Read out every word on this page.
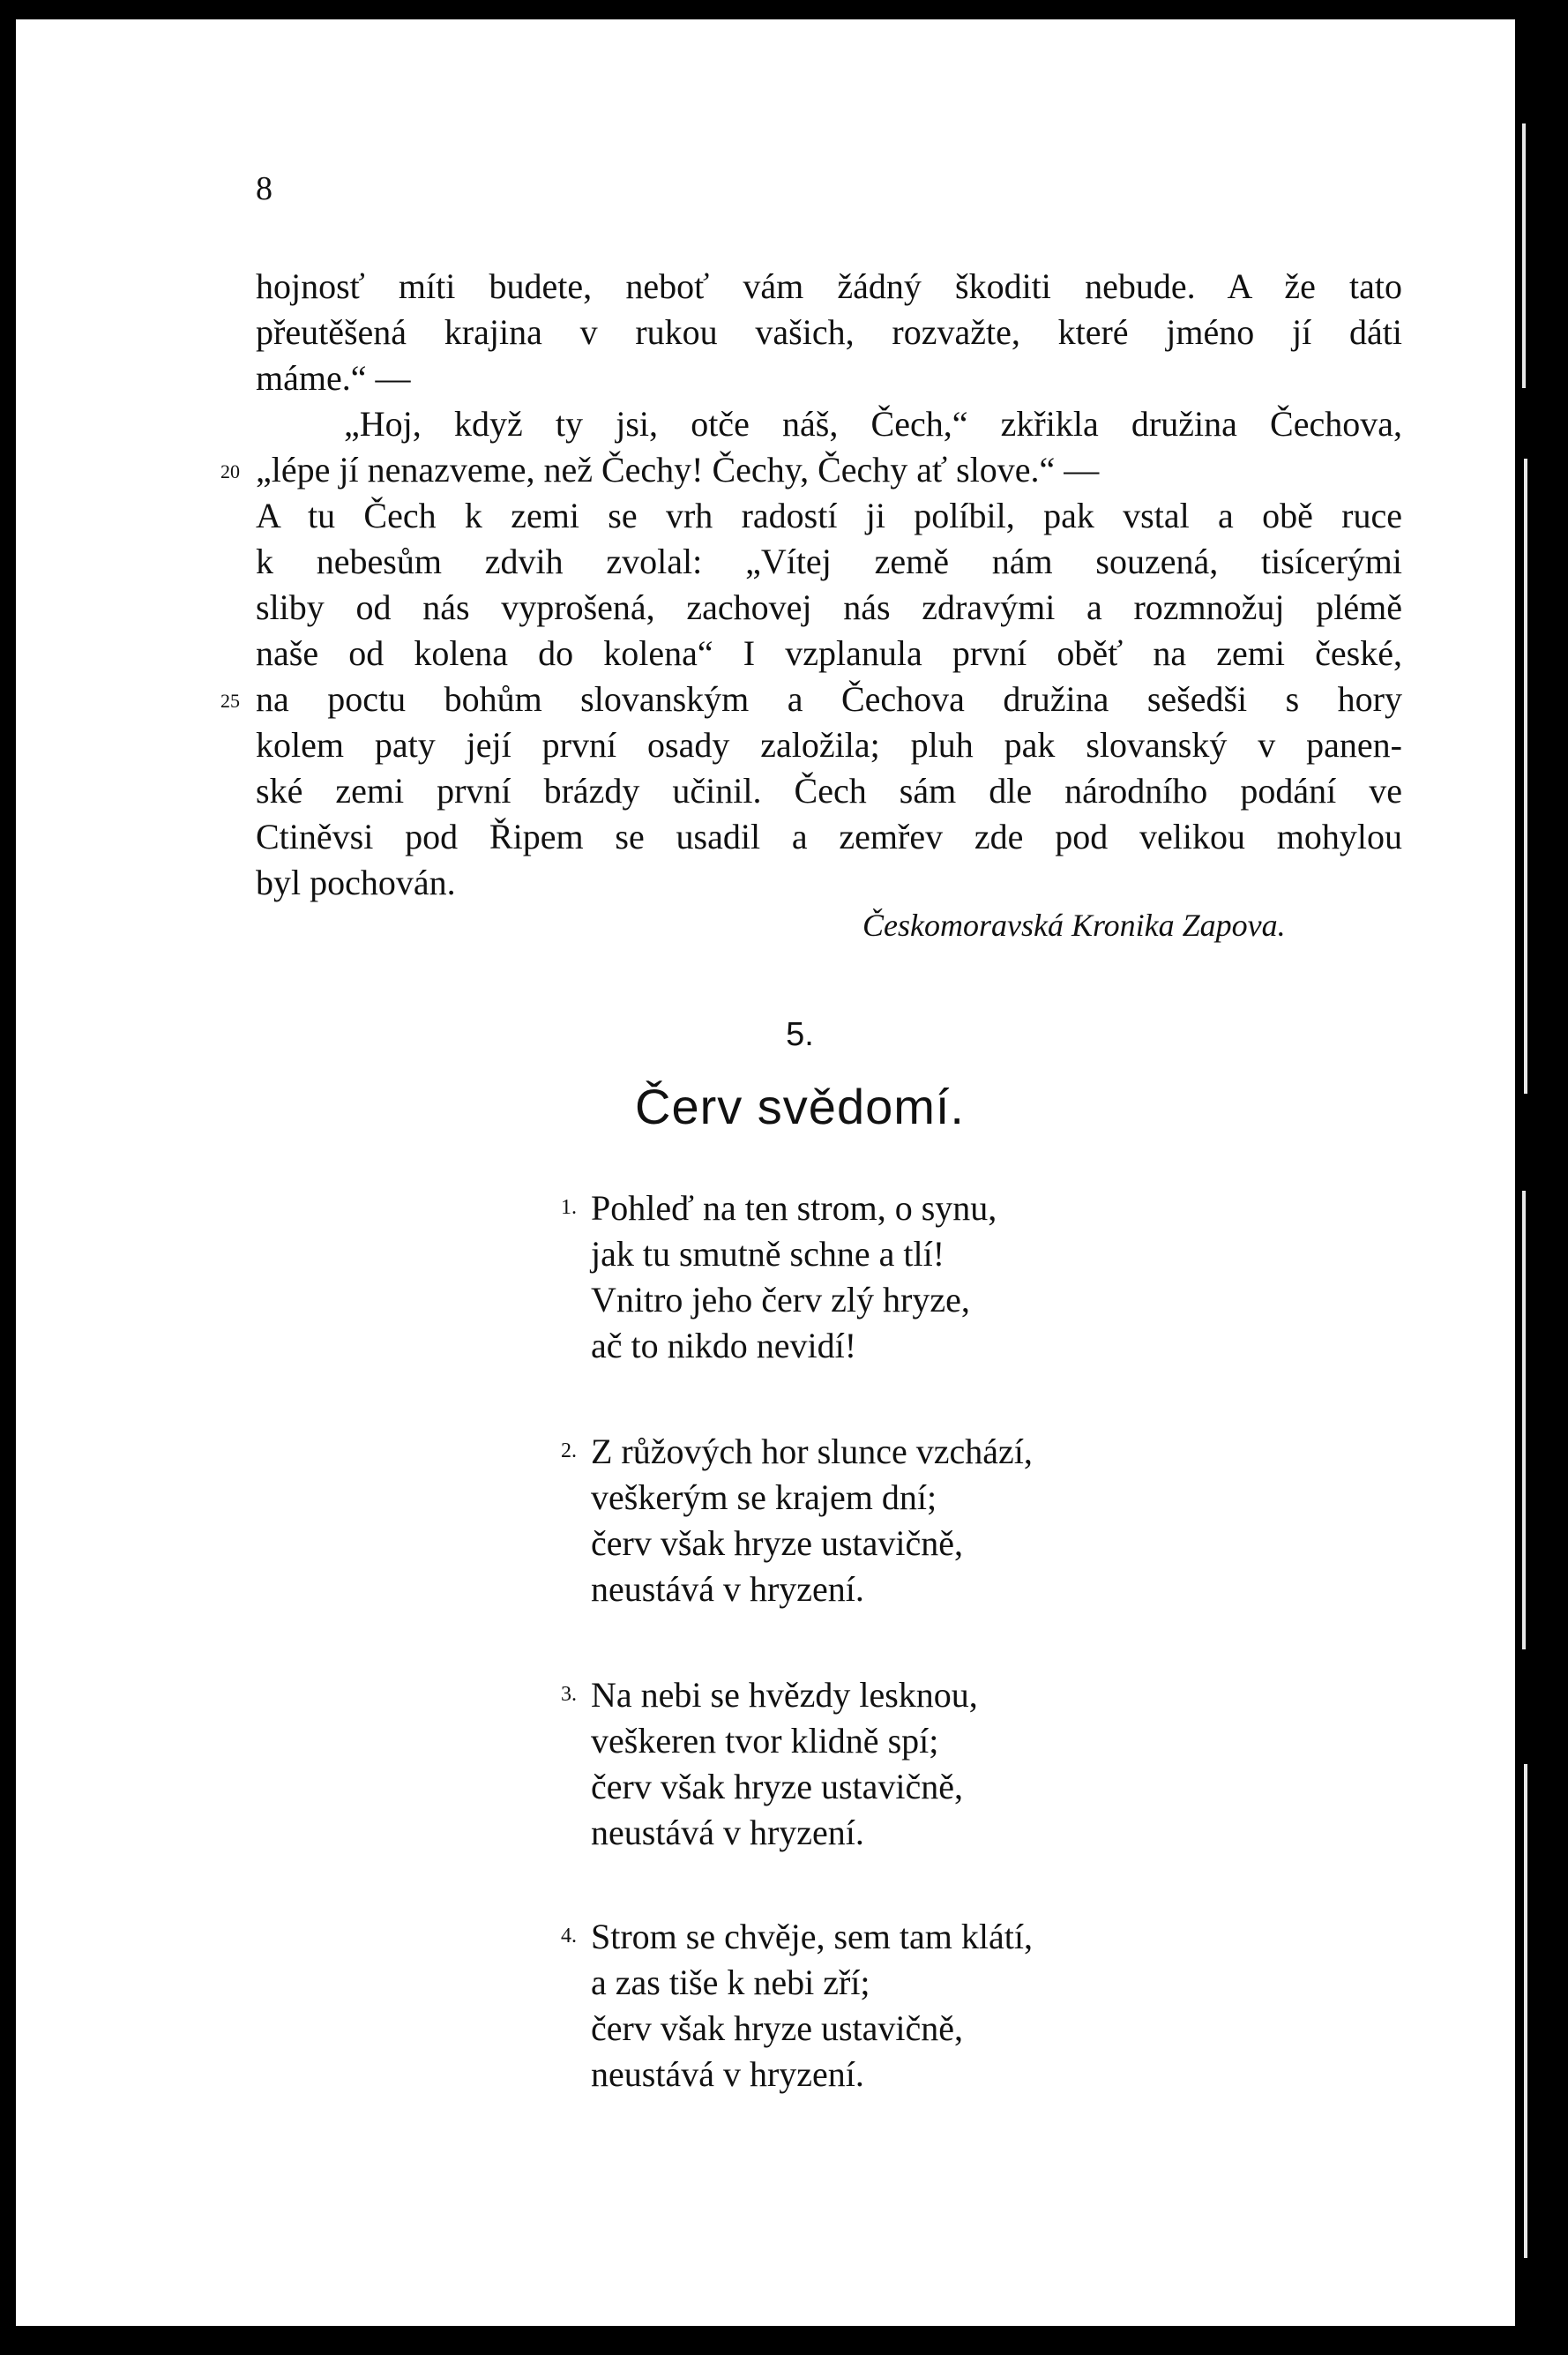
8
hojnosť míti budete, neboť vám žádný škoditi nebude. A že tato
přeutěšená krajina v rukou vašich, rozvažte, které jméno jí dáti
máme.“ —
„Hoj, když ty jsi, otče náš, Čech,“ zkřikla družina Čechova,
„lépe jí nenazveme, než Čechy! Čechy, Čechy ať slove.“ —
A tu Čech k zemi se vrh radostí ji políbil, pak vstal a obě ruce
k nebesům zdvih zvolal: „Vítej země nám souzená, tisícerými
sliby od nás vyprošená, zachovej nás zdravými a rozmnožuj plémě
naše od kolena do kolena“ I vzplanula první oběť na zemi české,
na poctu bohům slovanským a Čechova družina sešedši s hory
kolem paty její první osady založila; pluh pak slovanský v panen-
ské zemi první brázdy učinil. Čech sám dle národního podání ve
Ctiněvsi pod Řipem se usadil a zemřev zde pod velikou mohylou
byl pochován.
20
25
Českomoravská Kronika Zapova.
5.
Červ svědomí.
1. Pohleď na ten strom, o synu,
jak tu smutně schne a tlí!
Vnitro jeho červ zlý hryze,
ač to nikdo nevidí!
2. Z růžových hor slunce vzchází,
veškerým se krajem dní;
červ však hryze ustavičně,
neustává v hryzení.
3. Na nebi se hvězdy lesknou,
veškeren tvor klidně spí;
červ však hryze ustavičně,
neustává v hryzení.
4. Strom se chvěje, sem tam klátí,
a zas tiše k nebi zří;
červ však hryze ustavičně,
neustává v hryzení.
